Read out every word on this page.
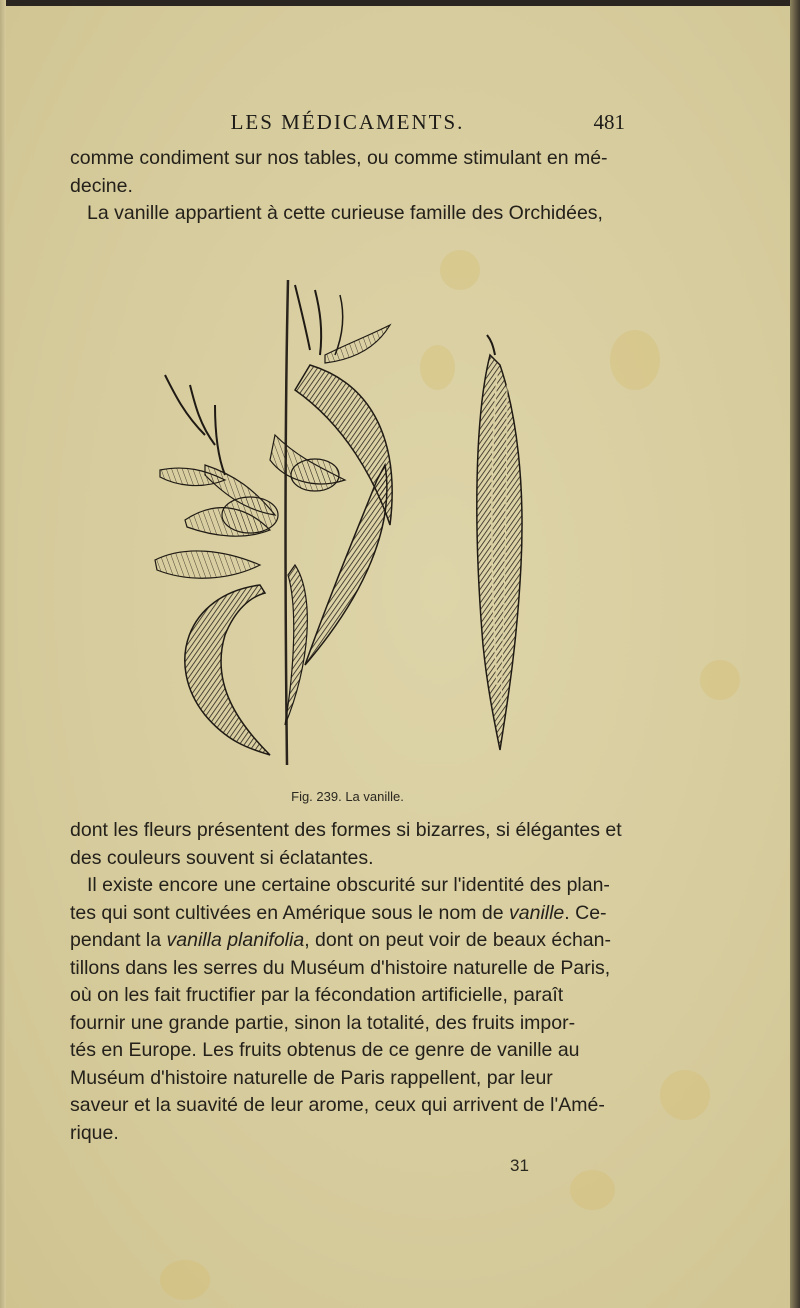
LES MÉDICAMENTS.	481

comme condiment sur nos tables, ou comme stimulant en mé-

decine.

La vanille appartient à cette curieuse famille des Orchidées,

Fig. 239. La vanille.

dont les fleurs présentent des formes si bizarres, si élégantes et

des couleurs souvent si éclatantes.

Il existe encore une certaine obscurité sur l'identité des plan-

tes qui sont cultivées en Amérique sous le nom de vanille. Ce-

pendant la vanilla planifolia, dont on peut voir de beaux échan-

tillons dans les serres du Muséum d'histoire naturelle de Paris,

où on les fait fructifier par la fécondation artificielle, paraît

fournir une grande partie, sinon la totalité, des fruits impor-

tés en Europe. Les fruits obtenus de ce genre de vanille au

Muséum d'histoire naturelle de Paris rappellent, par leur

saveur et la suavité de leur arome, ceux qui arrivent de l'Amé-

rique.

31
